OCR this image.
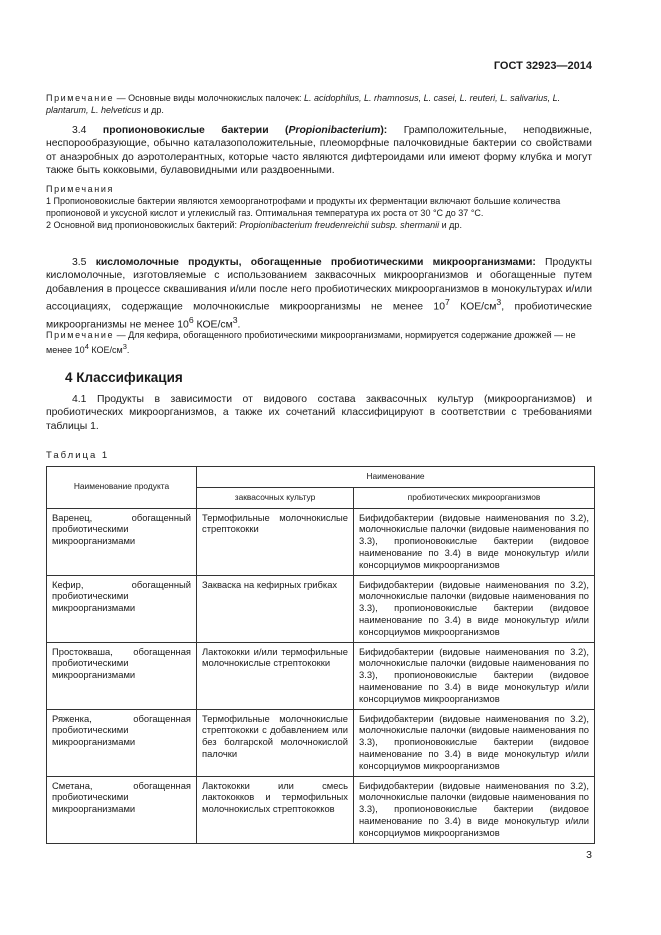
ГОСТ 32923—2014
Примечание — Основные виды молочнокислых палочек: L. acidophilus, L. rhamnosus, L. casei, L. reuteri, L. salivarius, L. plantarum, L. helveticus и др.
3.4 пропионовокислые бактерии (Propionibacterium): Грамположительные, неподвижные, неспорообразующие, обычно каталазоположительные, плеоморфные палочковидные бактерии со свойствами от анаэробных до аэротолерантных, которые часто являются дифтероидами или имеют форму клубка и могут также быть кокковыми, булавовидными или раздвоенными.
Примечания
1 Пропионовокислые бактерии являются хемоорганотрофами и продукты их ферментации включают большие количества пропионовой и уксусной кислот и углекислый газ. Оптимальная температура их роста от 30 °C до 37 °C.
2 Основной вид пропионовокислых бактерий: Propionibacterium freudenreichii subsp. shermanii и др.
3.5 кисломолочные продукты, обогащенные пробиотическими микроорганизмами: Продукты кисломолочные, изготовляемые с использованием заквасочных микроорганизмов и обогащенные путем добавления в процессе сквашивания и/или после него пробиотических микроорганизмов в монокультурах и/или ассоциациях, содержащие молочнокислые микроорганизмы не менее $10^7$ КОЕ/$см^3$, пробиотические микроорганизмы не менее $10^6$ КОЕ/$см^3$.
Примечание — Для кефира, обогащенного пробиотическими микроорганизмами, нормируется содержание дрожжей — не менее $10^4$ КОЕ/$см^3$.
4 Классификация
4.1 Продукты в зависимости от видового состава заквасочных культур (микроорганизмов) и пробиотических микроорганизмов, а также их сочетаний классифицируют в соответствии с требованиями таблицы 1.
Таблица 1
Наименование продукта	Наименование	
	заквасочных культур	пробиотических микроорганизмов
Варенец, обогащенный пробиотическими микроорганизмами	Термофильные молочнокислые стрептококки	Бифидобактерии (видовые наименования по 3.2), молочнокислые палочки (видовые наименования по 3.3), пропионовокислые бактерии (видовое наименование по 3.4) в виде монокультур и/или консорциумов микроорганизмов
Кефир, обогащенный пробиотическими микроорганизмами	Закваска на кефирных грибках	Бифидобактерии (видовые наименования по 3.2), молочнокислые палочки (видовые наименования по 3.3), пропионовокислые бактерии (видовое наименование по 3.4) в виде монокультур и/или консорциумов микроорганизмов
Простокваша, обогащенная пробиотическими микроорганизмами	Лактококки и/или термофильные молочнокислые стрептококки	Бифидобактерии (видовые наименования по 3.2), молочнокислые палочки (видовые наименования по 3.3), пропионовокислые бактерии (видовое наименование по 3.4) в виде монокультур и/или консорциумов микроорганизмов
Ряженка, обогащенная пробиотическими микроорганизмами	Термофильные молочнокислые стрептококки с добавлением или без болгарской молочнокислой палочки	Бифидобактерии (видовые наименования по 3.2), молочнокислые палочки (видовые наименования по 3.3), пропионовокислые бактерии (видовое наименование по 3.4) в виде монокультур и/или консорциумов микроорганизмов
Сметана, обогащенная пробиотическими микроорганизмами	Лактококки или смесь лактококков и термофильных молочнокислых стрептококков	Бифидобактерии (видовые наименования по 3.2), молочнокислые палочки (видовые наименования по 3.3), пропионовокислые бактерии (видовое наименование по 3.4) в виде монокультур и/или консорциумов микроорганизмов
3
